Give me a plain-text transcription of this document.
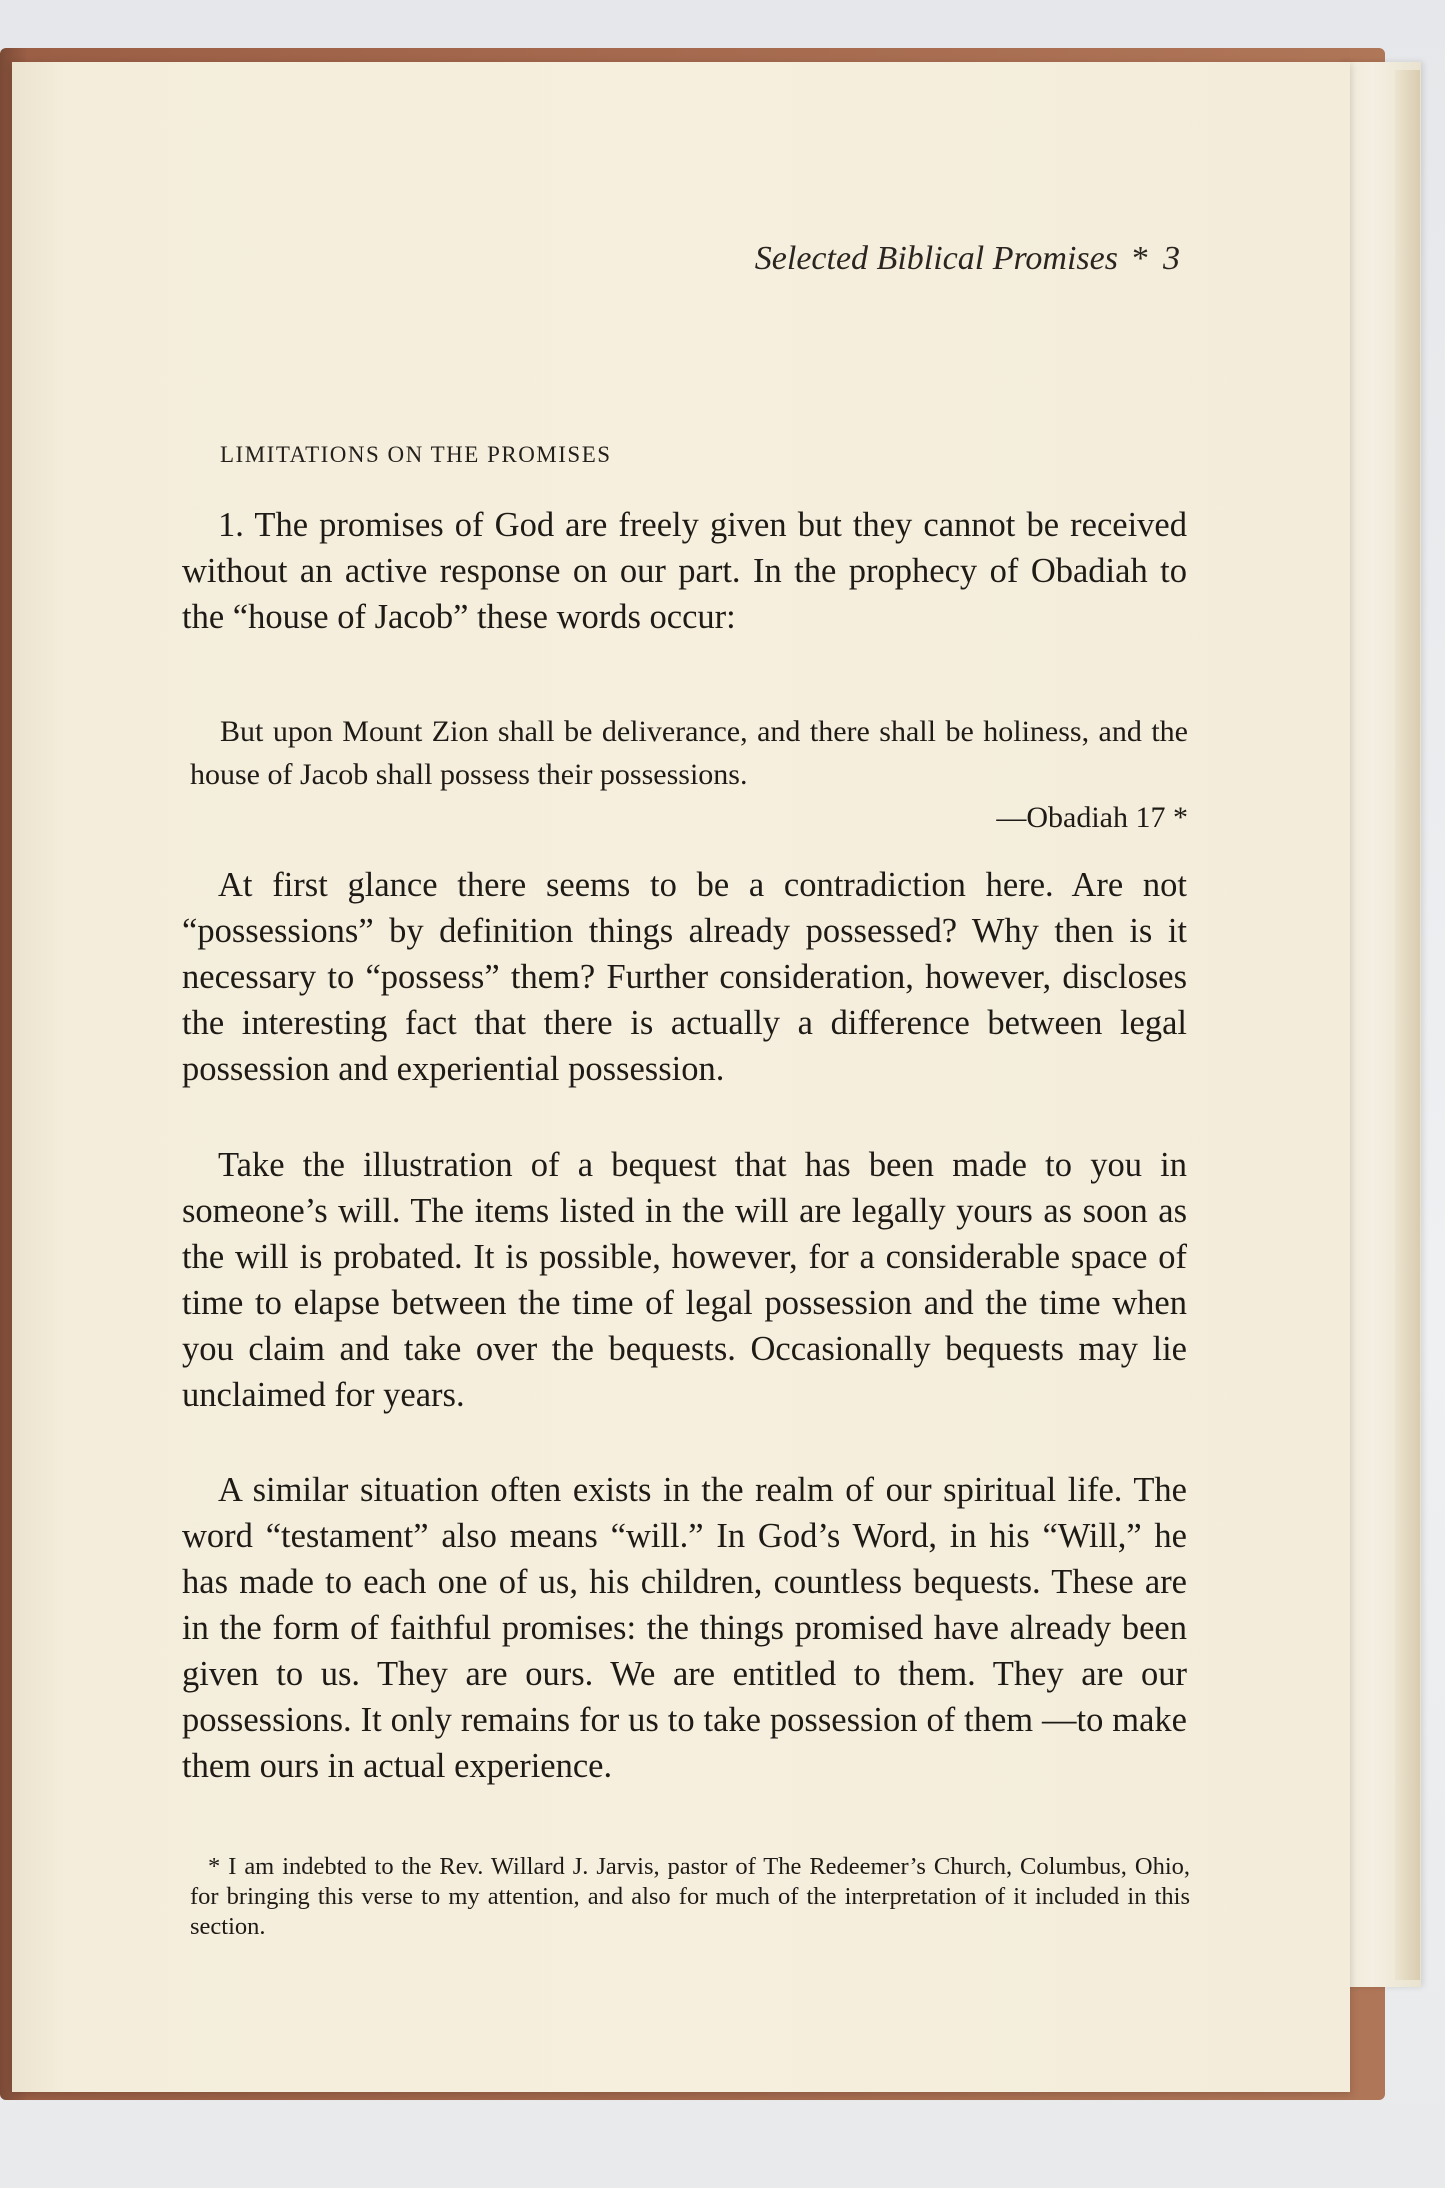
Selected Biblical Promises * 3
LIMITATIONS ON THE PROMISES

1. The promises of God are freely given but they cannot be received without an active response on our part. In the prophecy of Obadiah to the “house of Jacob” these words occur:

But upon Mount Zion shall be deliverance, and there shall be holiness, and the house of Jacob shall possess their possessions.

—Obadiah 17 *

At first glance there seems to be a contradiction here. Are not “possessions” by definition things already possessed? Why then is it necessary to “possess” them? Further consideration, however, discloses the interesting fact that there is actually a difference between legal possession and experiential possession.

Take the illustration of a bequest that has been made to you in someone’s will. The items listed in the will are legally yours as soon as the will is probated. It is possible, however, for a considerable space of time to elapse between the time of legal possession and the time when you claim and take over the bequests. Occasionally bequests may lie unclaimed for years.

A similar situation often exists in the realm of our spiritual life. The word “testament” also means “will.” In God’s Word, in his “Will,” he has made to each one of us, his children, countless bequests. These are in the form of faithful promises: the things promised have already been given to us. They are ours. We are entitled to them. They are our possessions. It only remains for us to take possession of them —to make them ours in actual experience.

* I am indebted to the Rev. Willard J. Jarvis, pastor of The Redeemer’s Church, Columbus, Ohio, for bringing this verse to my attention, and also for much of the interpretation of it included in this section.
